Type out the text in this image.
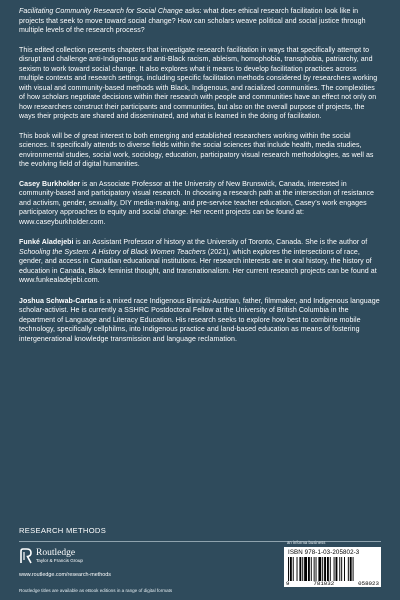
Facilitating Community Research for Social Change asks: what does ethical research facilitation look like in projects that seek to move toward social change? How can scholars weave political and social justice through multiple levels of the research process?

This edited collection presents chapters that investigate research facilitation in ways that specifically attempt to disrupt and challenge anti-Indigenous and anti-Black racism, ableism, homophobia, transphobia, patriarchy, and sexism to work toward social change. It also explores what it means to develop facilitation practices across multiple contexts and research settings, including specific facilitation methods considered by researchers working with visual and community-based methods with Black, Indigenous, and racialized communities. The complexities of how scholars negotiate decisions within their research with people and communities have an effect not only on how researchers construct their participants and communities, but also on the overall purpose of projects, the ways their projects are shared and disseminated, and what is learned in the doing of facilitation.

This book will be of great interest to both emerging and established researchers working within the social sciences. It specifically attends to diverse fields within the social sciences that include health, media studies, environmental studies, social work, sociology, education, participatory visual research methodologies, as well as the evolving field of digital humanities.

Casey Burkholder is an Associate Professor at the University of New Brunswick, Canada, interested in community-based and participatory visual research. In choosing a research path at the intersection of resistance and activism, gender, sexuality, DIY media-making, and pre-service teacher education, Casey’s work engages participatory approaches to equity and social change. Her recent projects can be found at: www.caseyburkholder.com.

Funké Aladejebi is an Assistant Professor of history at the University of Toronto, Canada. She is the author of Schooling the System: A History of Black Women Teachers (2021), which explores the intersections of race, gender, and access in Canadian educational institutions. Her research interests are in oral history, the history of education in Canada, Black feminist thought, and transnationalism. Her current research projects can be found at www.funkealadejebi.com.

Joshua Schwab-Cartas is a mixed race Indigenous Binnizá-Austrian, father, filmmaker, and Indigenous language scholar-activist. He is currently a SSHRC Postdoctoral Fellow at the University of British Columbia in the department of Language and Literacy Education. His research seeks to explore how best to combine mobile technology, specifically cellphilms, into Indigenous practice and land-based education as means of fostering intergenerational knowledge transmission and language reclamation.

RESEARCH METHODS
Routledge
Taylor & Francis Group
www.routledge.com/research-methods
Routledge titles are available as eBook editions in a range of digital formats
an informa business
ISBN 978-1-03-205802-3
9	781032	058023
